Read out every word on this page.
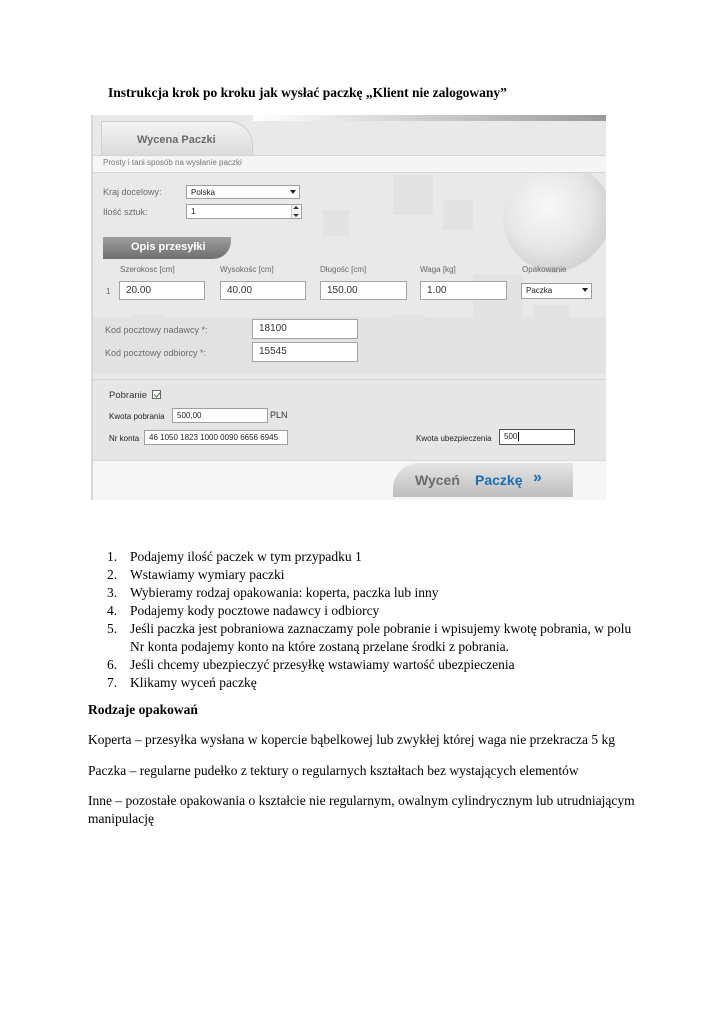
Instrukcja krok po kroku jak wysłać paczkę „Klient nie zalogowany”
Wycena Paczki
Prosty i tani sposób na wysłanie paczki
Kraj docelowy:	Polska
Ilość sztuk:	1
Opis przesyłki
Szerokosc [cm]	Wysokośc [cm]	Długośc [cm]	Waga [kg]	Opakowanie
1	20.00	40.00	150.00	1.00	Paczka
Kod pocztowy nadawcy *:	18100
Kod pocztowy odbiorcy *:	15545
Pobranie
Kwota pobrania	500,00	PLN
Nr konta	46 1050 1823 1000 0090 6656 6945	Kwota ubezpieczenia	500
Wyceń Paczkę »
1. Podajemy ilość paczek w tym przypadku 1
2. Wstawiamy wymiary paczki
3. Wybieramy rodzaj opakowania: koperta, paczka lub inny
4. Podajemy kody pocztowe nadawcy i odbiorcy
5. Jeśli paczka jest pobraniowa zaznaczamy pole pobranie i wpisujemy kwotę pobrania, w polu Nr konta podajemy konto na które zostaną przelane środki z pobrania.
6. Jeśli chcemy ubezpieczyć przesyłkę wstawiamy wartość ubezpieczenia
7. Klikamy wyceń paczkę
Rodzaje opakowań
Koperta – przesyłka wysłana w kopercie bąbelkowej lub zwykłej której waga nie przekracza 5 kg
Paczka – regularne pudełko z tektury o regularnych kształtach bez wystających elementów
Inne – pozostałe opakowania o kształcie nie regularnym, owalnym cylindrycznym lub utrudniającym manipulację
